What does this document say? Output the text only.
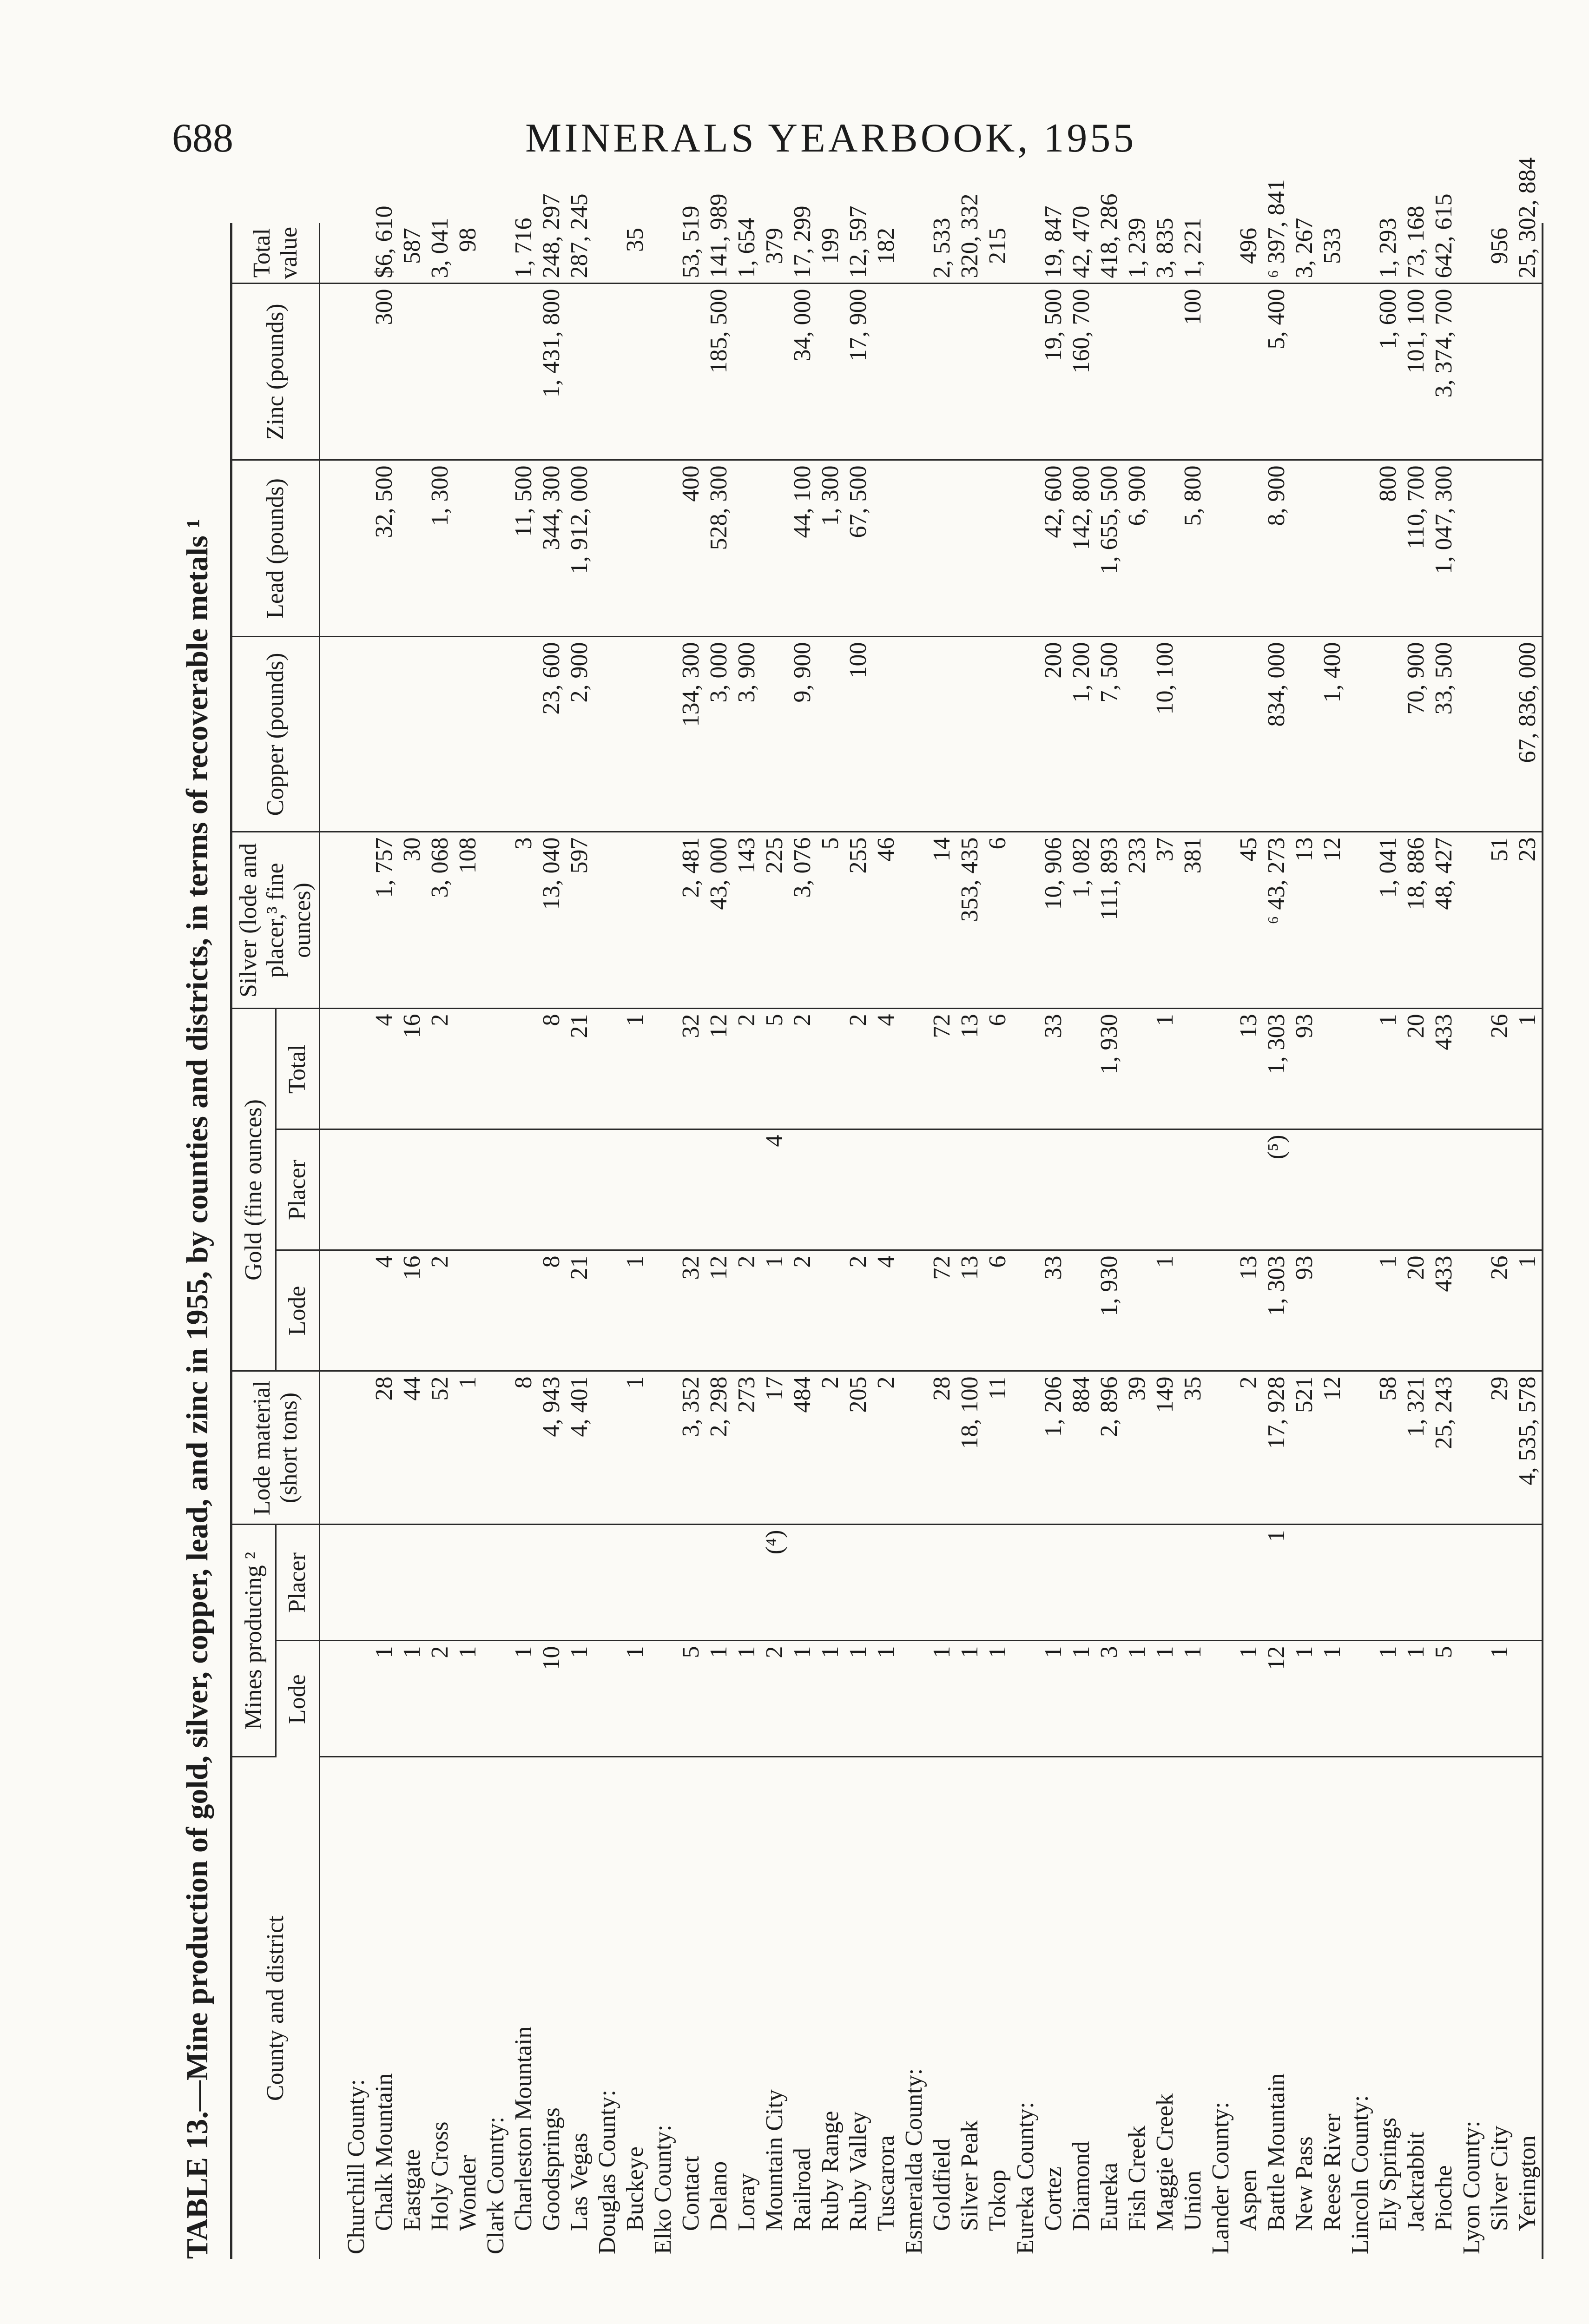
688	MINERALS YEARBOOK, 1955
TABLE 13.—Mine production of gold, silver, copper, lead, and zinc in 1955, by counties and districts, in terms of recoverable metals ¹ County and district	Mines producing ²		Lode material (short tons)	Gold (fine ounces)			Silver (lode and placer,³ fine ounces)	Copper (pounds)	Lead (pounds)	Zinc (pounds)	Total value
	Lode	Placer		Lode	Placer	Total					
Churchill County:											
Chalk Mountain	1		28	4		4	1, 757		32, 500	300	$6, 610
Eastgate	1		44	16		16	30				587
Holy Cross	2		52	2		2	3, 068		1, 300		3, 041
Wonder	1		1				108				98
Clark County:											
Charleston Mountain	1		8				3		11, 500		1, 716
Goodsprings	10		4, 943	8		8	13, 040	23, 600	344, 300	1, 431, 800	248, 297
Las Vegas	1		4, 401	21		21	597	2, 900	1, 912, 000		287, 245
Douglas County:											
Buckeye	1		1	1		1					35
Elko County:											
Contact	5		3, 352	32		32	2, 481	134, 300	400		53, 519
Delano	1		2, 298	12		12	43, 000	3, 000	528, 300	185, 500	141, 989
Loray	1		273	2		2	143	3, 900			1, 654
Mountain City	2	(⁴)	17	1	4	5	225				379
Railroad	1		484	2		2	3, 076	9, 900	44, 100	34, 000	17, 299
Ruby Range	1		2				5		1, 300		199
Ruby Valley	1		205	2		2	255	100	67, 500	17, 900	12, 597
Tuscarora	1		2	4		4	46				182
Esmeralda County:											
Goldfield	1		28	72		72	14				2, 533
Silver Peak	1		18, 100	13		13	353, 435				320, 332
Tokop	1		11	6		6	6				215
Eureka County:											
Cortez	1		1, 206	33		33	10, 906	200	42, 600	19, 500	19, 847
Diamond	1		884				1, 082	1, 200	142, 800	160, 700	42, 470
Eureka	3		2, 896	1, 930		1, 930	111, 893	7, 500	1, 655, 500		418, 286
Fish Creek	1		39				233		6, 900		1, 239
Maggie Creek	1		149	1		1	37	10, 100			3, 835
Union	1		35				381		5, 800	100	1, 221
Lander County:											
Aspen	1		2	13		13	45				496
Battle Mountain	12	1	17, 928	1, 303	(⁵)	1, 303	⁶ 43, 273	834, 000	8, 900	5, 400	⁶ 397, 841
New Pass	1		521	93		93	13				3, 267
Reese River	1		12				12	1, 400			533
Lincoln County:											
Ely Springs	1		58	1		1	1, 041		800	1, 600	1, 293
Jackrabbit	1		1, 321	20		20	18, 886	70, 900	110, 700	101, 100	73, 168
Pioche	5		25, 243	433		433	48, 427	33, 500	1, 047, 300	3, 374, 700	642, 615
Lyon County:											
Silver City	1		29	26		26	51				956
Yerington			4, 535, 578	1		1	23	67, 836, 000			25, 302, 884
